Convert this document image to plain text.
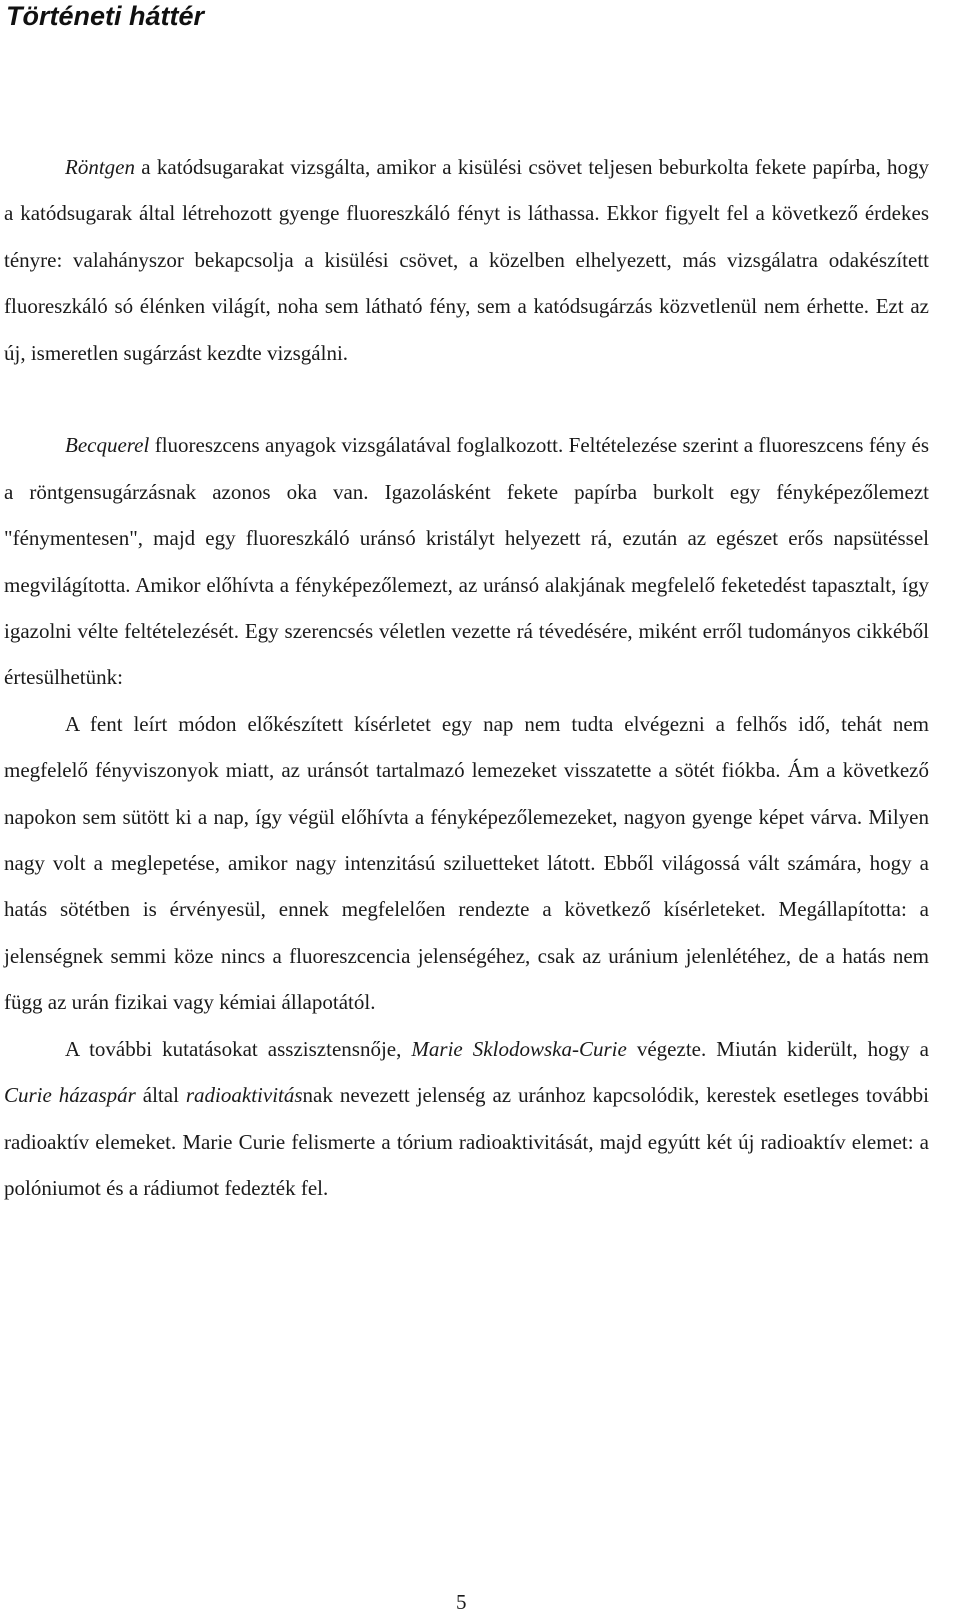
Történeti háttér

Röntgen a katódsugarakat vizsgálta, amikor a kisülési csövet teljesen beburkolta fekete papírba, hogy a katódsugarak által létrehozott gyenge fluoreszkáló fényt is láthassa. Ekkor figyelt fel a következő érdekes tényre: valahányszor bekapcsolja a kisülési csövet, a közelben elhelyezett, más vizsgálatra odakészített fluoreszkáló só élénken világít, noha sem látható fény, sem a katódsugárzás közvetlenül nem érhette. Ezt az új, ismeretlen sugárzást kezdte vizsgálni.

Becquerel fluoreszcens anyagok vizsgálatával foglalkozott. Feltételezése szerint a fluoreszcens fény és a röntgensugárzásnak azonos oka van. Igazolásként fekete papírba burkolt egy fényképezőlemezt "fénymentesen", majd egy fluoreszkáló uránsó kristályt helyezett rá, ezután az egészet erős napsütéssel megvilágította. Amikor előhívta a fényképezőlemezt, az uránsó alakjának megfelelő feketedést tapasztalt, így igazolni vélte feltételezését. Egy szerencsés véletlen vezette rá tévedésére, miként erről tudományos cikkéből értesülhetünk:

A fent leírt módon előkészített kísérletet egy nap nem tudta elvégezni a felhős idő, tehát nem megfelelő fényviszonyok miatt, az uránsót tartalmazó lemezeket visszatette a sötét fiókba. Ám a következő napokon sem sütött ki a nap, így végül előhívta a fényképezőlemezeket, nagyon gyenge képet várva. Milyen nagy volt a meglepetése, amikor nagy intenzitású sziluetteket látott. Ebből világossá vált számára, hogy a hatás sötétben is érvényesül, ennek megfelelően rendezte a következő kísérleteket. Megállapította: a jelenségnek semmi köze nincs a fluoreszcencia jelenségéhez, csak az uránium jelenlétéhez, de a hatás nem függ az urán fizikai vagy kémiai állapotától.

A további kutatásokat asszisztensnője, Marie Sklodowska-Curie végezte. Miután kiderült, hogy a Curie házaspár által radioaktivitásnak nevezett jelenség az uránhoz kapcsolódik, kerestek esetleges további radioaktív elemeket. Marie Curie felismerte a tórium radioaktivitását, majd egyútt két új radioaktív elemet: a polóniumot és a rádiumot fedezték fel.

5
